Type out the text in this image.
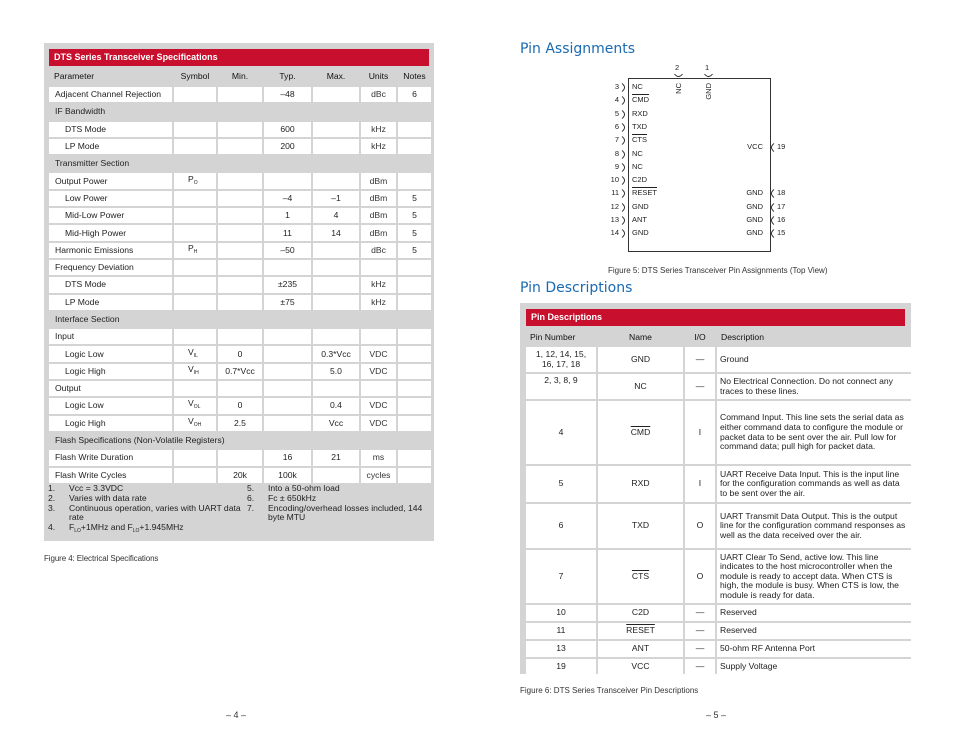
DTS Series Transceiver Specifications
Parameter	Symbol	Min.	Typ.	Max.	Units	Notes
Adjacent Channel Rejection			–48		dBc	6
IF Bandwidth						
DTS Mode			600		kHz	
LP Mode			200		kHz	
Transmitter Section						
Output Power	$P_O$				dBm	
Low Power			–4	–1	dBm	5
Mid-Low Power			1	4	dBm	5
Mid-High Power			11	14	dBm	5
Harmonic Emissions	$P_H$		–50		dBc	5
Frequency Deviation						
DTS Mode			±235		kHz	
LP Mode			±75		kHz	
Interface Section						
Input						
Logic Low	$V_{IL}$	0		0.3*Vcc	VDC	
Logic High	$V_{IH}$	0.7*Vcc		5.0	VDC	
Output						
Logic Low	$V_{OL}$	0		0.4	VDC	
Logic High	$V_{OH}$	2.5		Vcc	VDC	
Flash Specifications (Non-Volatile Registers)						
Flash Write Duration			16	21	ms	
Flash Write Cycles		20k	100k		cycles	
1.	Vcc = 3.3VDC
2.	Varies with data rate
3.	Continuous operation, varies with UART data rate
4.	$F_{LO}+1MHz$ and $F_{LO}+1.945MHz$
5.	Into a 50-ohm load
6.	Fc ± 650kHz
7.	Encoding/overhead losses included, 144 byte MTU
Figure 4: Electrical Specifications
Pin Assignments
3 NC
4 $\overline{CMD}$
5 RXD
6 TXD
7 $\overline{CTS}$
8 NC
9 NC
10 C2D
11 RESET
12 GND
13 ANT
14 GND
VCC 19
GND 18
GND 17
GND 16
GND 15
2
NC
1
GND
Figure 5: DTS Series Transceiver Pin Assignments (Top View)
Pin Descriptions
Pin Descriptions
Pin Number	Name	I/O	Description
1, 12, 14, 15, 16, 17, 18	GND	—	Ground
2, 3, 8, 9	NC	—	No Electrical Connection. Do not connect any traces to these lines.
4	$\overline{CMD}$	I	Command Input. This line sets the serial data as either command data to configure the module or packet data to be sent over the air. Pull low for command data; pull high for packet data.
5	RXD	I	UART Receive Data Input. This is the input line for the configuration commands as well as data to be sent over the air.
6	TXD	O	UART Transmit Data Output. This is the output line for the configuration command responses as well as the data received over the air.
7	$\overline{CTS}$	O	UART Clear To Send, active low. This line indicates to the host microcontroller when the module is ready to accept data. When CTS is high, the module is busy. When CTS is low, the module is ready for data.
10	C2D	—	Reserved
11	RESET	—	Reserved
13	ANT	—	50-ohm RF Antenna Port
19	VCC	—	Supply Voltage
Figure 6: DTS Series Transceiver Pin Descriptions
– 4 –	– 5 –
